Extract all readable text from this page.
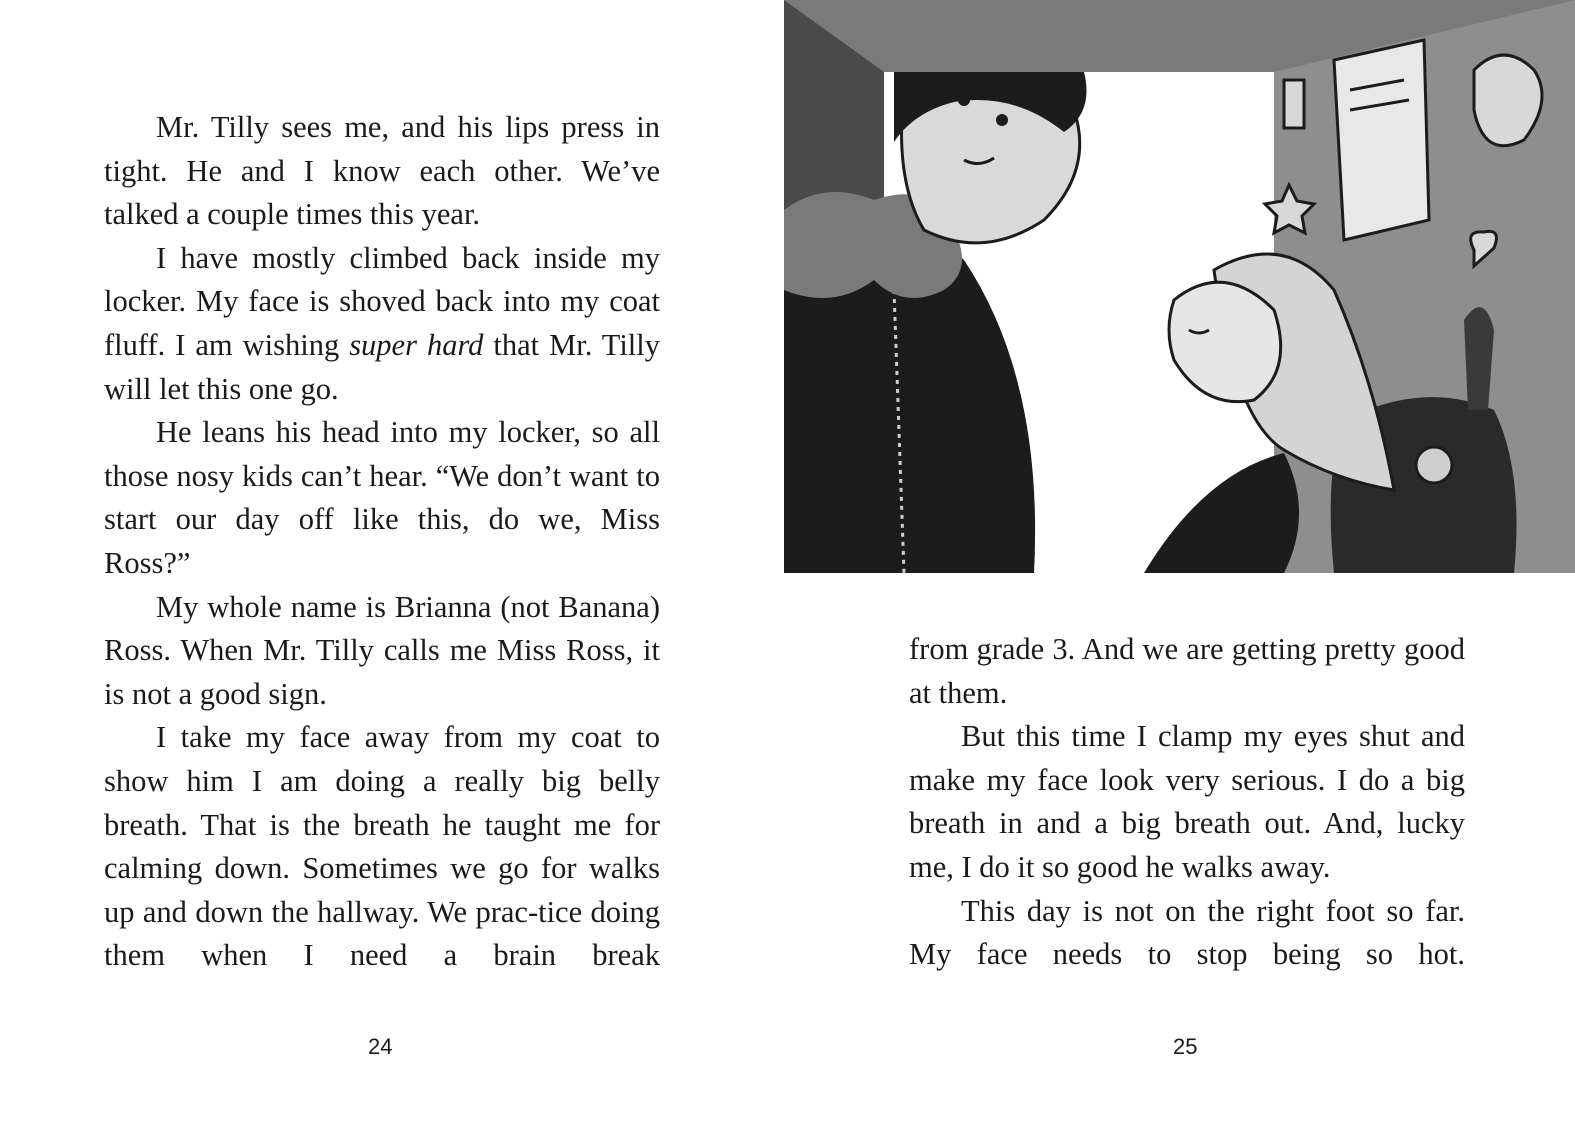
Mr. Tilly sees me, and his lips press in tight. He and I know each other. We’ve talked a couple times this year.

I have mostly climbed back inside my locker. My face is shoved back into my coat fluff. I am wishing super hard that Mr. Tilly will let this one go.

He leans his head into my locker, so all those nosy kids can’t hear. “We don’t want to start our day off like this, do we, Miss Ross?”

My whole name is Brianna (not Banana) Ross. When Mr. Tilly calls me Miss Ross, it is not a good sign.

I take my face away from my coat to show him I am doing a really big belly breath. That is the breath he taught me for calming down. Sometimes we go for walks up and down the hallway. We prac-tice doing them when I need a brain break

24

from grade 3. And we are getting pretty good at them.

But this time I clamp my eyes shut and make my face look very serious. I do a big breath in and a big breath out. And, lucky me, I do it so good he walks away.

This day is not on the right foot so far. My face needs to stop being so hot.

25
